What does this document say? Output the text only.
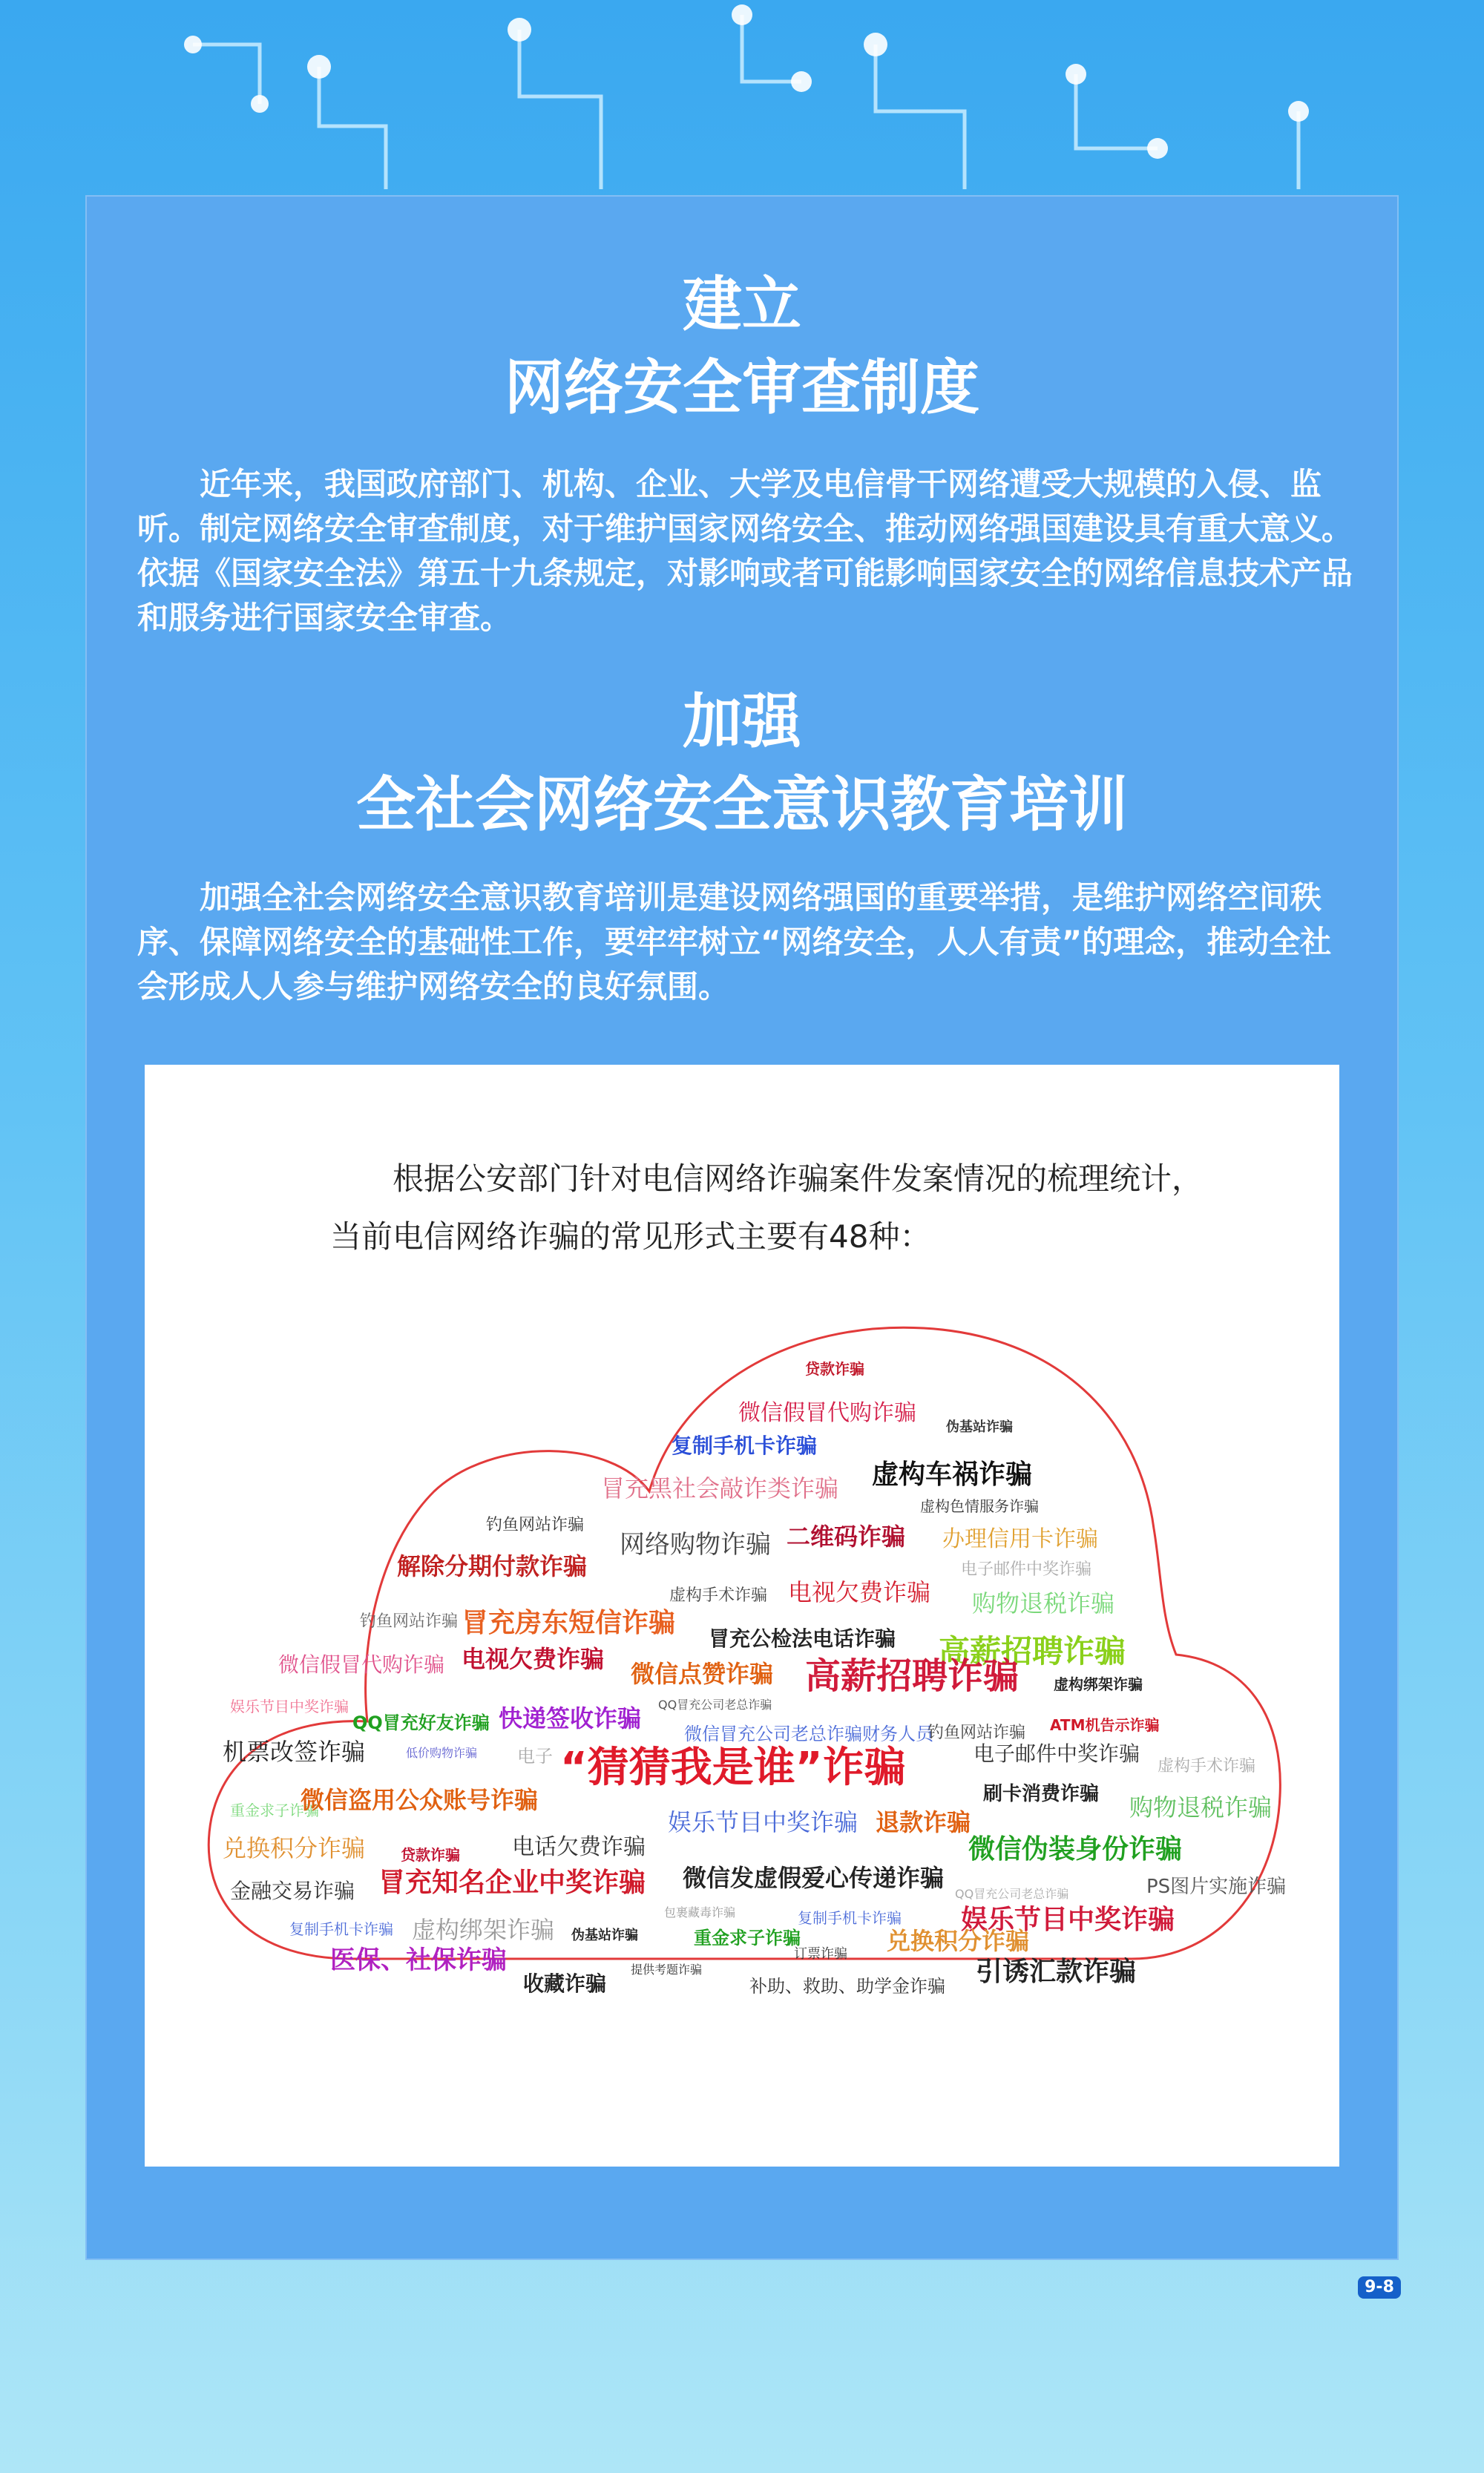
建立
网络安全审查制度

近年来，我国政府部门、机构、企业、大学及电信骨干网络遭受大规模的入侵、监听。制定网络安全审查制度，对于维护国家网络安全、推动网络强国建设具有重大意义。依据《国家安全法》第五十九条规定，对影响或者可能影响国家安全的网络信息技术产品和服务进行国家安全审查。

加强
全社会网络安全意识教育培训

加强全社会网络安全意识教育培训是建设网络强国的重要举措，是维护网络空间秩序、保障网络安全的基础性工作，要牢牢树立“网络安全，人人有责”的理念，推动全社会形成人人参与维护网络安全的良好氛围。

根据公安部门针对电信网络诈骗案件发案情况的梳理统计，当前电信网络诈骗的常见形式主要有48种：

贷款诈骗
微信假冒代购诈骗
伪基站诈骗
复制手机卡诈骗
冒充黑社会敲诈类诈骗 虚构车祸诈骗
虚构色情服务诈骗
钓鱼网站诈骗
网络购物诈骗 二维码诈骗 办理信用卡诈骗
解除分期付款诈骗	电子邮件中奖诈骗
虚构手术诈骗 电视欠费诈骗 购物退税诈骗
钓鱼网站诈骗 冒充房东短信诈骗
冒充公检法电话诈骗 高薪招聘诈骗
微信假冒代购诈骗 电视欠费诈骗
微信点赞诈骗 高薪招聘诈骗 虚构绑架诈骗
娱乐节目中奖诈骗
QQ冒充好友诈骗 快递签收诈骗 QQ冒充公司老总诈骗
ATM机告示诈骗
机票改签诈骗	低价购物诈骗 电子
微信冒充公司老总诈骗财务人员
钓鱼网站诈骗
电子邮件中奖诈骗
虚构手术诈骗
“猜猜我是谁”诈骗
刷卡消费诈骗
重金求子诈骗
微信盗用公众账号诈骗	购物退税诈骗
娱乐节目中奖诈骗 退款诈骗
兑换积分诈骗 贷款诈骗 电话欠费诈骗	微信伪装身份诈骗
金融交易诈骗 冒充知名企业中奖诈骗 微信发虚假爱心传递诈骗
QQ冒充公司老总诈骗	PS图片实施诈骗
复制手机卡诈骗 虚构绑架诈骗 伪基站诈骗
包裹藏毒诈骗
重金求子诈骗
复制手机卡诈骗 娱乐节目中奖诈骗
医保、社保诈骗	订票诈骗 兑换积分诈骗
收藏诈骗
提供考题诈骗
补助、救助、助学金诈骗 引诱汇款诈骗
9-8
